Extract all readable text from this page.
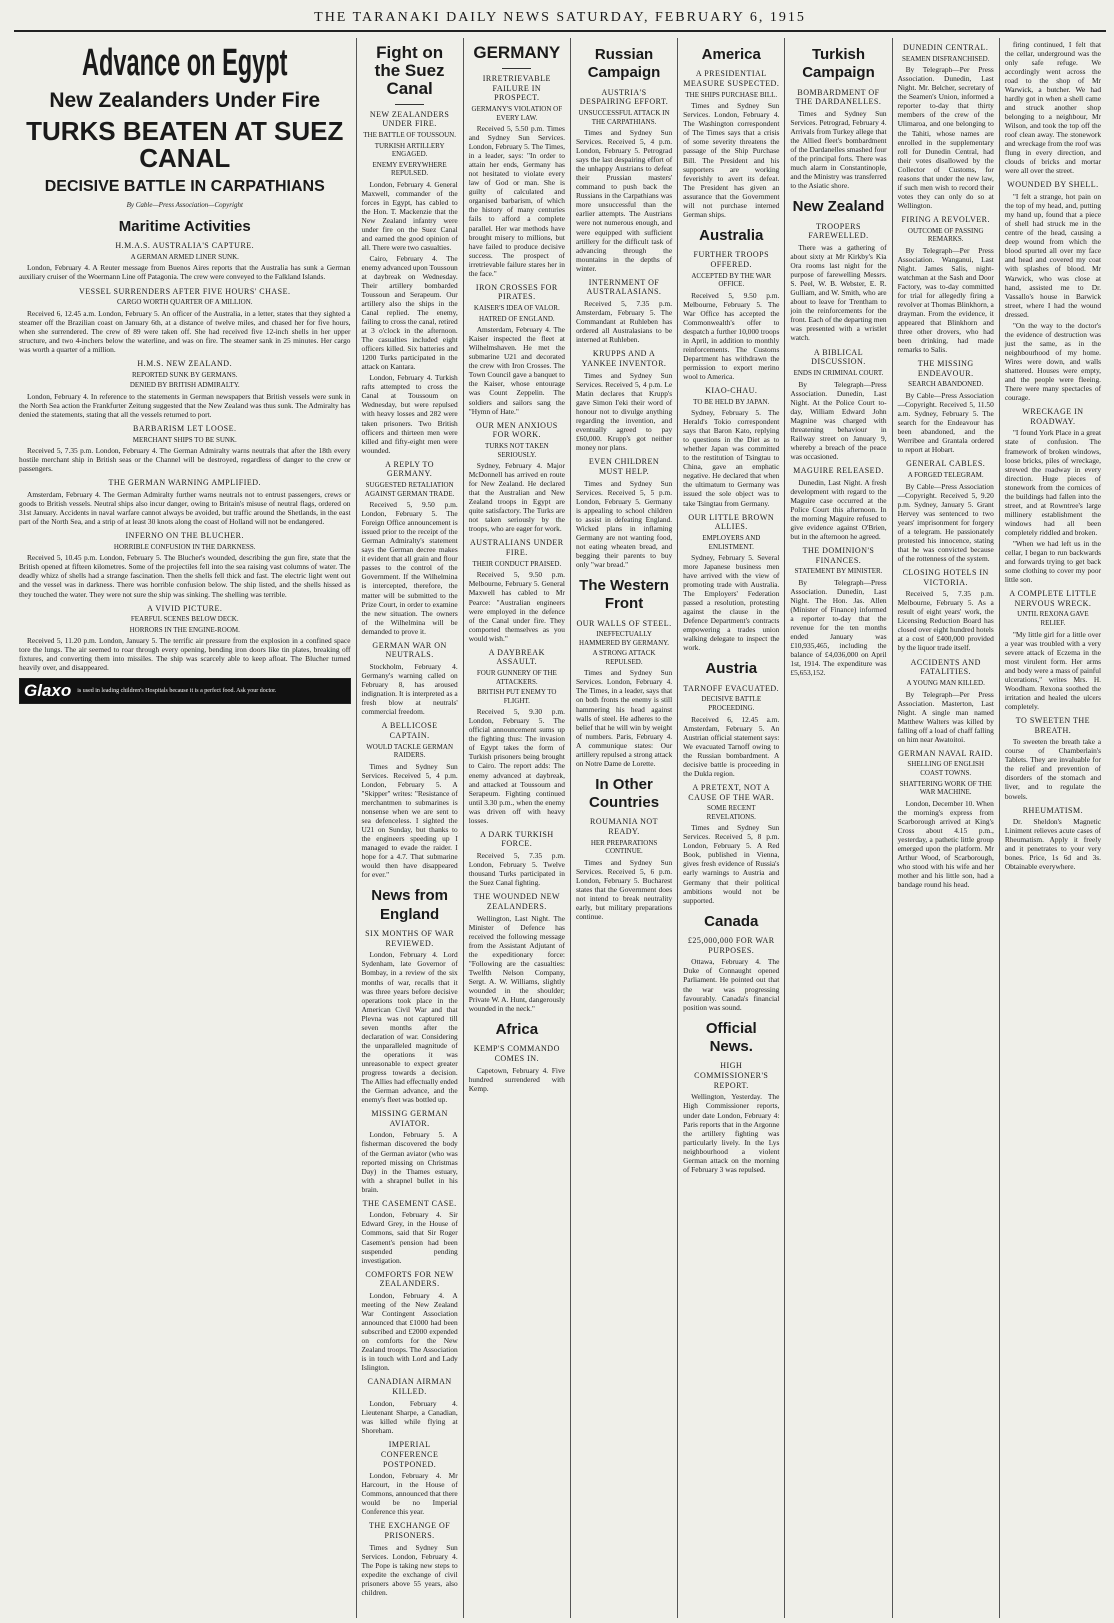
THE TARANAKI DAILY NEWS SATURDAY, FEBRUARY 6, 1915
Advance on Egypt
New Zealanders Under Fire
TURKS BEATEN AT SUEZ CANAL
DECISIVE BATTLE IN CARPATHIANS
By Cable—Press Association—Copyright
Maritime Activities
H.M.A.S. AUSTRALIA'S CAPTURE.
A GERMAN ARMED LINER SUNK.

London, February 4. A Reuter message from Buenos Aires reports that the Australia has sunk a German auxiliary cruiser of the Woermann Line off Patagonia. The crew were conveyed to the Falkland Islands.

VESSEL SURRENDERS AFTER FIVE HOURS' CHASE.
CARGO WORTH QUARTER OF A MILLION.

Received 6, 12.45 a.m. London, February 5. An officer of the Australia, in a letter, states that they sighted a steamer off the Brazilian coast on January 6th, at a distance of twelve miles, and chased her for five hours, when she surrendered. The crew of 89 were taken off. She had received five 12-inch shells in her upper structure, and two 4-inchers below the waterline, and was on fire. The steamer sank in 25 minutes. Her cargo was worth a quarter of a million.

H.M.S. NEW ZEALAND.
REPORTED SUNK BY GERMANS.
DENIED BY BRITISH ADMIRALTY.

London, February 4. In reference to the statements in German newspapers that British vessels were sunk in the North Sea action the Frankfurter Zeitung suggested that the New Zealand was thus sunk. The Admiralty has denied the statements, stating that all the vessels returned to port.

BARBARISM LET LOOSE.
MERCHANT SHIPS TO BE SUNK.

Received 5, 7.35 p.m. London, February 4. The German Admiralty warns neutrals that after the 18th every hostile merchant ship in British seas or the Channel will be destroyed, regardless of danger to the crew or passengers.

THE GERMAN WARNING AMPLIFIED.

Amsterdam, February 4. The German Admiralty further warns neutrals not to entrust passengers, crews or goods to British vessels. Neutral ships also incur danger, owing to Britain's misuse of neutral flags, ordered on 31st January. Accidents in naval warfare cannot always be avoided, but traffic around the Shetlands, in the east part of the North Sea, and a strip of at least 30 knots along the coast of Holland will not be endangered.

INFERNO ON THE BLUCHER.
HORRIBLE CONFUSION IN THE DARKNESS.

Received 5, 10.45 p.m. London, February 5. The Blucher's wounded, describing the gun fire, state that the British opened at fifteen kilometres. Some of the projectiles fell into the sea raising vast columns of water. The deadly whizz of shells had a strange fascination. Then the shells fell thick and fast. The electric light went out and the vessel was in darkness. There was horrible confusion below. The ship listed, and the shells hissed as they touched the water. They were not sure the ship was sinking. The shelling was terrible.

A VIVID PICTURE.
FEARFUL SCENES BELOW DECK.
HORRORS IN THE ENGINE-ROOM.

Received 5, 11.20 p.m. London, January 5. The terrific air pressure from the explosion in a confined space tore the lungs. The air seemed to roar through every opening, bending iron doors like tin plates, breaking off fixtures, and converting them into missiles. The ship was scarcely able to keep afloat. The Blucher turned heavily over, and disappeared.

Glaxo is used in leading children's Hospitals because it is a perfect food. Ask your doctor.
Fight on the Suez Canal
NEW ZEALANDERS UNDER FIRE.
THE BATTLE OF TOUSSOUN.
TURKISH ARTILLERY ENGAGED.
ENEMY EVERYWHERE REPULSED.

London, February 4. General Maxwell, commander of the forces in Egypt, has cabled to the Hon. T. Mackenzie that the New Zealand infantry were under fire on the Suez Canal and earned the good opinion of all. There were two casualties.

Cairo, February 4. The enemy advanced upon Toussoun at daybreak on Wednesday. Their artillery bombarded Toussoun and Serapeum. Our artillery also the ships in the Canal replied. The enemy, failing to cross the canal, retired at 3 o'clock in the afternoon. The casualties included eight officers killed. Six batteries and 1200 Turks participated in the attack on Kantara.

London, February 4. Turkish rafts attempted to cross the Canal at Toussoum on Wednesday, but were repulsed with heavy losses and 282 were taken prisoners. Two British officers and thirteen men were killed and fifty-eight men were wounded.

A REPLY TO GERMANY.
SUGGESTED RETALIATION AGAINST GERMAN TRADE.

Received 5, 9.50 p.m. London, February 5. The Foreign Office announcement is issued prior to the receipt of the German Admiralty's statement says the German decree makes it evident that all grain and flour passes to the control of the Government. If the Wilhelmina is intercepted, therefore, the matter will be submitted to the Prize Court, in order to examine the new situation. The owners of the Wilhelmina will be demanded to prove it.

GERMAN WAR ON NEUTRALS.

Stockholm, February 4. Germany's warning called on February 8, has aroused indignation. It is interpreted as a fresh blow at neutrals' commercial freedom.

A BELLICOSE CAPTAIN.
WOULD TACKLE GERMAN RAIDERS.

Times and Sydney Sun Services. Received 5, 4 p.m. London, February 5. A "Skipper" writes: "Resistance of merchantmen to submarines is nonsense when we are sent to sea defenceless. I sighted the U21 on Sunday, but thanks to the engineers speeding up I managed to evade the raider. I hope for a 4.7. That submarine would then have disappeared for ever."

News from England
SIX MONTHS OF WAR REVIEWED.

London, February 4. Lord Sydenham, late Governor of Bombay, in a review of the six months of war, recalls that it was three years before decisive operations took place in the American Civil War and that Plevna was not captured till seven months after the declaration of war. Considering the unparalleled magnitude of the operations it was unreasonable to expect greater progress towards a decision. The Allies had effectually ended the German advance, and the enemy's fleet was bottled up.

MISSING GERMAN AVIATOR.

London, February 5. A fisherman discovered the body of the German aviator (who was reported missing on Christmas Day) in the Thames estuary, with a shrapnel bullet in his brain.

THE CASEMENT CASE.

London, February 4. Sir Edward Grey, in the House of Commons, said that Sir Roger Casement's pension had been suspended pending investigation.

COMFORTS FOR NEW ZEALANDERS.

London, February 4. A meeting of the New Zealand War Contingent Association announced that £1000 had been subscribed and £2000 expended on comforts for the New Zealand troops. The Association is in touch with Lord and Lady Islington.

CANADIAN AIRMAN KILLED.

London, February 4. Lieutenant Sharpe, a Canadian, was killed while flying at Shoreham.

IMPERIAL CONFERENCE POSTPONED.

London, February 4. Mr Harcourt, in the House of Commons, announced that there would be no Imperial Conference this year.

THE EXCHANGE OF PRISONERS.

Times and Sydney Sun Services. London, February 4. The Pope is taking new steps to expedite the exchange of civil prisoners above 55 years, also children.

GERMANY
IRRETRIEVABLE FAILURE IN PROSPECT.
GERMANY'S VIOLATION OF EVERY LAW.

Received 5, 5.50 p.m. Times and Sydney Sun Services. London, February 5. The Times, in a leader, says: "In order to attain her ends, Germany has not hesitated to violate every law of God or man. She is guilty of calculated and organised barbarism, of which the history of many centuries fails to afford a complete parallel. Her war methods have brought misery to millions, but have failed to produce decisive success. The prospect of irretrievable failure stares her in the face."

IRON CROSSES FOR PIRATES.
KAISER'S IDEA OF VALOR.
HATRED OF ENGLAND.

Amsterdam, February 4. The Kaiser inspected the fleet at Wilhelmshaven. He met the submarine U21 and decorated the crew with Iron Crosses. The Town Council gave a banquet to the Kaiser, whose entourage was Count Zeppelin. The soldiers and sailors sang the "Hymn of Hate."

OUR MEN ANXIOUS FOR WORK.
TURKS NOT TAKEN SERIOUSLY.

Sydney, February 4. Major McDonnell has arrived en route for New Zealand. He declared that the Australian and New Zealand troops in Egypt are quite satisfactory. The Turks are not taken seriously by the troops, who are eager for work.

AUSTRALIANS UNDER FIRE.
THEIR CONDUCT PRAISED.

Received 5, 9.50 p.m. Melbourne, February 5. General Maxwell has cabled to Mr Pearce: "Australian engineers were employed in the defence of the Canal under fire. They comported themselves as you would wish."

A DAYBREAK ASSAULT.
FOUR GUNNERY OF THE ATTACKERS.
BRITISH PUT ENEMY TO FLIGHT.

Received 5, 9.30 p.m. London, February 5. The official announcement sums up the fighting thus: The invasion of Egypt takes the form of Turkish prisoners being brought to Cairo. The report adds: The enemy advanced at daybreak, and attacked at Toussoum and Serapeum. Fighting continued until 3.30 p.m., when the enemy was driven off with heavy losses.

A DARK TURKISH FORCE.

Received 5, 7.35 p.m. London, February 5. Twelve thousand Turks participated in the Suez Canal fighting.

THE WOUNDED NEW ZEALANDERS.

Wellington, Last Night. The Minister of Defence has received the following message from the Assistant Adjutant of the expeditionary force: "Following are the casualties: Twelfth Nelson Company, Sergt. A. W. Williams, slightly wounded in the shoulder; Private W. A. Hunt, dangerously wounded in the neck."

Africa
KEMP'S COMMANDO COMES IN.

Capetown, February 4. Five hundred surrendered with Kemp.

Russian Campaign
AUSTRIA'S DESPAIRING EFFORT.
UNSUCCESSFUL ATTACK IN THE CARPATHIANS.

Times and Sydney Sun Services. Received 5, 4 p.m. London, February 5. Petrograd says the last despairing effort of the unhappy Austrians to defeat their Prussian masters' command to push back the Russians in the Carpathians was more unsuccessful than the earlier attempts. The Austrians were not numerous enough, and were equipped with sufficient artillery for the difficult task of advancing through the mountains in the depths of winter.

INTERNMENT OF AUSTRALASIANS.

Received 5, 7.35 p.m. Amsterdam, February 5. The Commandant at Ruhleben has ordered all Australasians to be interned at Ruhleben.

KRUPPS AND A YANKEE INVENTOR.

Times and Sydney Sun Services. Received 5, 4 p.m. Le Matin declares that Krupp's gave Simon I'eki their word of honour not to divulge anything regarding the invention, and eventually agreed to pay £60,000. Krupp's got neither money nor plans.

EVEN CHILDREN MUST HELP.

Times and Sydney Sun Services. Received 5, 5 p.m. London, February 5. Germany is appealing to school children to assist in defeating England. Wicked plans in inflaming Germany are not wanting food, not eating wheaten bread, and begging their parents to buy only "war bread."

The Western Front
OUR WALLS OF STEEL.
INEFFECTUALLY HAMMERED BY GERMANY.
A STRONG ATTACK REPULSED.

Times and Sydney Sun Services. London, February 4. The Times, in a leader, says that on both fronts the enemy is still hammering his head against walls of steel. He adheres to the belief that he will win by weight of numbers. Paris, February 4. A communique states: Our artillery repulsed a strong attack on Notre Dame de Lorette.

In Other Countries
ROUMANIA NOT READY.
HER PREPARATIONS CONTINUE.

Times and Sydney Sun Services. Received 5, 6 p.m. London, February 5. Bucharest states that the Government does not intend to break neutrality early, but military preparations continue.

America
A PRESIDENTIAL MEASURE SUSPECTED.
THE SHIPS PURCHASE BILL.

Times and Sydney Sun Services. London, February 4. The Washington correspondent of The Times says that a crisis of some severity threatens the passage of the Ship Purchase Bill. The President and his supporters are working feverishly to avert its defeat. The President has given an assurance that the Government will not purchase interned German ships.

Australia
FURTHER TROOPS OFFERED.
ACCEPTED BY THE WAR OFFICE.

Received 5, 9.50 p.m. Melbourne, February 5. The War Office has accepted the Commonwealth's offer to despatch a further 10,000 troops in April, in addition to monthly reinforcements. The Customs Department has withdrawn the permission to export merino wool to America.

KIAO-CHAU.
TO BE HELD BY JAPAN.

Sydney, February 5. The Herald's Tokio correspondent says that Baron Kato, replying to questions in the Diet as to whether Japan was committed to the restitution of Tsingtau to China, gave an emphatic negative. He declared that when the ultimatum to Germany was issued the sole object was to take Tsingtau from Germany.

OUR LITTLE BROWN ALLIES.
EMPLOYERS AND ENLISTMENT.

Sydney, February 5. Several more Japanese business men have arrived with the view of promoting trade with Australia. The Employers' Federation passed a resolution, protesting against the clause in the Defence Department's contracts empowering a trades union walking delegate to inspect the work.

Austria
TARNOFF EVACUATED.
DECISIVE BATTLE PROCEEDING.

Received 6, 12.45 a.m. Amsterdam, February 5. An Austrian official statement says: We evacuated Tarnoff owing to the Russian bombardment. A decisive battle is proceeding in the Dukla region.

A PRETEXT, NOT A CAUSE OF THE WAR.
SOME RECENT REVELATIONS.

Times and Sydney Sun Services. Received 5, 8 p.m. London, February 5. A Red Book, published in Vienna, gives fresh evidence of Russia's early warnings to Austria and Germany that their political ambitions would not be supported.

Canada
£25,000,000 FOR WAR PURPOSES.

Ottawa, February 4. The Duke of Connaught opened Parliament. He pointed out that the war was progressing favourably. Canada's financial position was sound.

Official News.
HIGH COMMISSIONER'S REPORT.

Wellington, Yesterday. The High Commissioner reports, under date London, February 4: Paris reports that in the Argonne the artillery fighting was particularly lively. In the Lys neighbourhood a violent German attack on the morning of February 3 was repulsed.

Turkish Campaign
BOMBARDMENT OF THE DARDANELLES.

Times and Sydney Sun Services. Petrograd, February 4. Arrivals from Turkey allege that the Allied fleet's bombardment of the Dardanelles smashed four of the principal forts. There was much alarm in Constantinople, and the Ministry was transferred to the Asiatic shore.

New Zealand
TROOPERS FAREWELLED.

There was a gathering of about sixty at Mr Kirkby's Kia Ora rooms last night for the purpose of farewelling Messrs. S. Peel, W. B. Webster, E. R. Gulliam, and W. Smith, who are about to leave for Trentham to join the reinforcements for the front. Each of the departing men was presented with a wristlet watch.

A BIBLICAL DISCUSSION.
ENDS IN CRIMINAL COURT.

By Telegraph—Press Association. Dunedin, Last Night. At the Police Court to-day, William Edward John Magnine was charged with threatening behaviour in Railway street on January 9, whereby a breach of the peace was occasioned.

MAGUIRE RELEASED.

Dunedin, Last Night. A fresh development with regard to the Maguire case occurred at the Police Court this afternoon. In the morning Maguire refused to give evidence against O'Brien, but in the afternoon he agreed.

THE DOMINION'S FINANCES.
STATEMENT BY MINISTER.

By Telegraph—Press Association. Dunedin, Last Night. The Hon. Jas. Allen (Minister of Finance) informed a reporter to-day that the revenue for the ten months ended January was £10,935,465, including the balance of £4,036,000 on April 1st, 1914. The expenditure was £5,653,152.

DUNEDIN CENTRAL.
SEAMEN DISFRANCHISED.

By Telegraph—Per Press Association. Dunedin, Last Night. Mr. Belcher, secretary of the Seamen's Union, informed a reporter to-day that thirty members of the crew of the Ulimaroa, and one belonging to the Tahiti, whose names are enrolled in the supplementary roll for Dunedin Central, had their votes disallowed by the Collector of Customs, for reasons that under the new law, if such men wish to record their votes they can only do so at Wellington.

FIRING A REVOLVER.
OUTCOME OF PASSING REMARKS.

By Telegraph—Per Press Association. Wanganui, Last Night. James Salis, night-watchman at the Sash and Door Factory, was to-day committed for trial for allegedly firing a revolver at Thomas Blinkhorn, a drayman. From the evidence, it appeared that Blinkhorn and three other drovers, who had been drinking, had made remarks to Salis.

THE MISSING ENDEAVOUR.
SEARCH ABANDONED.

By Cable—Press Association—Copyright. Received 5, 11.50 a.m. Sydney, February 5. The search for the Endeavour has been abandoned, and the Werribee and Grantala ordered to report at Hobart.

GENERAL CABLES.
A FORGED TELEGRAM.

By Cable—Press Association—Copyright. Received 5, 9.20 p.m. Sydney, January 5. Grant Hervey was sentenced to two years' imprisonment for forgery of a telegram. He passionately protested his innocence, stating that he was convicted because of the rottenness of the system.

CLOSING HOTELS IN VICTORIA.

Received 5, 7.35 p.m. Melbourne, February 5. As a result of eight years' work, the Licensing Reduction Board has closed over eight hundred hotels at a cost of £400,000 provided by the liquor trade itself.

ACCIDENTS AND FATALITIES.
A YOUNG MAN KILLED.

By Telegraph—Per Press Association. Masterton, Last Night. A single man named Matthew Walters was killed by falling off a load of chaff falling on him near Awatoitoi.

GERMAN NAVAL RAID.
SHELLING OF ENGLISH COAST TOWNS.
SHATTERING WORK OF THE WAR MACHINE.

London, December 10. When the morning's express from Scarborough arrived at King's Cross about 4.15 p.m., yesterday, a pathetic little group emerged upon the platform. Mr Arthur Wood, of Scarborough, who stood with his wife and her mother and his little son, had a bandage round his head.

firing continued, I felt that the cellar, underground was the only safe refuge. We accordingly went across the road to the shop of Mr Warwick, a butcher. We had hardly got in when a shell came and struck another shop belonging to a neighbour, Mr Wilson, and took the top off the roof clean away. The stonework and wreckage from the roof was flung in every direction, and clouds of bricks and mortar were all over the street.

WOUNDED BY SHELL.

"I felt a strange, hot pain on the top of my head, and, putting my hand up, found that a piece of shell had struck me in the centre of the head, causing a deep wound from which the blood spurted all over my face and head and covered my coat with splashes of blood. Mr Warwick, who was close at hand, assisted me to Dr. Vassallo's house in Barwick street, where I had the wound dressed.

"On the way to the doctor's the evidence of destruction was just the same, as in the neighbourhood of my home. Wires were down, and walls shattered. Houses were empty, and the people were fleeing. There were many spectacles of courage.

WRECKAGE IN ROADWAY.

"I found York Place in a great state of confusion. The framework of broken windows, loose bricks, piles of wreckage, strewed the roadway in every direction. Huge pieces of stonework from the cornices of the buildings had fallen into the street, and at Rowntree's large millinery establishment the windows had all been completely riddled and broken.

"When we had left us in the cellar, I began to run backwards and forwards trying to get back some clothing to cover my poor little son.

A COMPLETE LITTLE NERVOUS WRECK.
UNTIL REXONA GAVE RELIEF.

"My little girl for a little over a year was troubled with a very severe attack of Eczema in the most virulent form. Her arms and body were a mass of painful ulcerations," writes Mrs. H. Woodham. Rexona soothed the irritation and healed the ulcers completely.

TO SWEETEN THE BREATH.

To sweeten the breath take a course of Chamberlain's Tablets. They are invaluable for the relief and prevention of disorders of the stomach and liver, and to regulate the bowels.

RHEUMATISM.

Dr. Sheldon's Magnetic Liniment relieves acute cases of Rheumatism. Apply it freely and it penetrates to your very bones. Price, 1s 6d and 3s. Obtainable everywhere.
